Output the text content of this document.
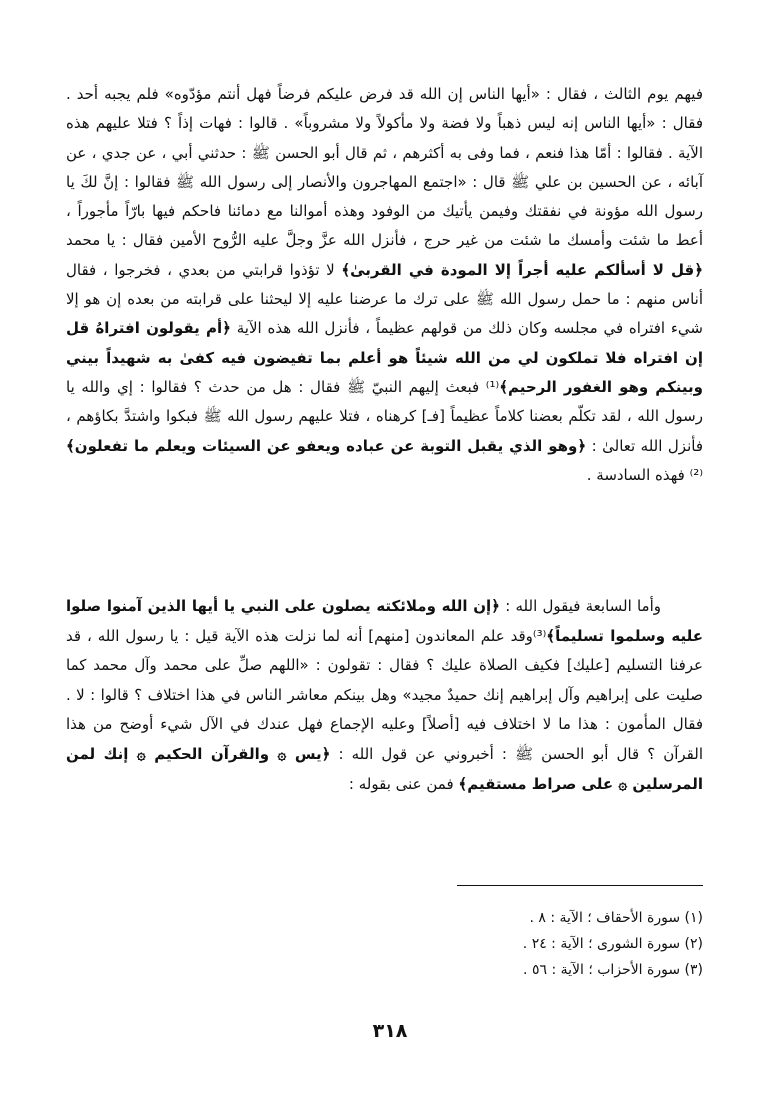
فيهم يوم الثالث ، فقال : «أيها الناس إن الله قد فرض عليكم فرضاً فهل أنتم مؤدّوه» فلم يجبه أحد . فقال : «أيها الناس إنه ليس ذهباً ولا فضة ولا مأكولاً ولا مشروباً» . قالوا : فهات إذاً ؟ فتلا عليهم هذه الآية . فقالوا : أمّا هذا فنعم ، فما وفى به أكثرهم ، ثم قال أبو الحسن ﷺ : حدثني أبي ، عن جدي ، عن آبائه ، عن الحسين بن علي ﷺ قال : «اجتمع المهاجرون والأنصار إلى رسول الله ﷺ فقالوا : إنَّ لكَ يا رسول الله مؤونة في نفقتك وفيمن يأتيك من الوفود وهذه أموالنا مع دمائنا فاحكم فيها بارّاً مأجوراً ، أعط ما شئت وأمسك ما شئت من غير حرج ، فأنزل الله عزَّ وجلَّ عليه الرُّوح الأمين فقال : يا محمد ﴿قل لا أسألكم عليه أجراً إلا المودة في القربىٰ﴾ لا تؤذوا قرابتي من بعدي ، فخرجوا ، فقال أناس منهم : ما حمل رسول الله ﷺ على ترك ما عرضنا عليه إلا ليحثنا على قرابته من بعده إن هو إلا شيء افتراه في مجلسه وكان ذلك من قولهم عظيماً ، فأنزل الله هذه الآية ﴿أم يقولون افتراهُ قل إن افتراه فلا تملكون لي من الله شيئاً هو أعلم بما تفيضون فيه كفىٰ به شهيداً بيني وبينكم وهو الغفور الرحيم﴾⁽¹⁾ فبعث إليهم النبيّ ﷺ فقال : هل من حدث ؟ فقالوا : إي والله يا رسول الله ، لقد تكلّم بعضنا كلاماً عظيماً [فـ] كرهناه ، فتلا عليهم رسول الله ﷺ فبكوا واشتدَّ بكاؤهم ، فأنزل الله تعالىٰ : ﴿وهو الذي يقبل التوبة عن عباده ويعفو عن السيئات ويعلم ما تفعلون﴾⁽²⁾ فهذه السادسة .

وأما السابعة فيقول الله : ﴿إن الله وملائكته يصلون على النبي يا أيها الذين آمنوا صلوا عليه وسلموا تسليماً﴾⁽³⁾وقد علم المعاندون [منهم] أنه لما نزلت هذه الآية قيل : يا رسول الله ، قد عرفنا التسليم [عليك] فكيف الصلاة عليك ؟ فقال : تقولون : «اللهم صلِّ على محمد وآل محمد كما صليت على إبراهيم وآل إبراهيم إنك حميدٌ مجيد» وهل بينكم معاشر الناس في هذا اختلاف ؟ قالوا : لا . فقال المأمون : هذا ما لا اختلاف فيه [أصلاً] وعليه الإجماع فهل عندك في الآل شيء أوضح من هذا القرآن ؟ قال أبو الحسن ﷺ : أخبروني عن قول الله : ﴿يس ۞ والقرآن الحكيم ۞ إنك لمن المرسلين ۞ على صراط مستقيم﴾ فمن عنى بقوله :
(١) سورة الأحقاف ؛ الآية : ٨ .
(٢) سورة الشورى ؛ الآية : ٢٤ .
(٣) سورة الأحزاب ؛ الآية : ٥٦ .
٣١٨
